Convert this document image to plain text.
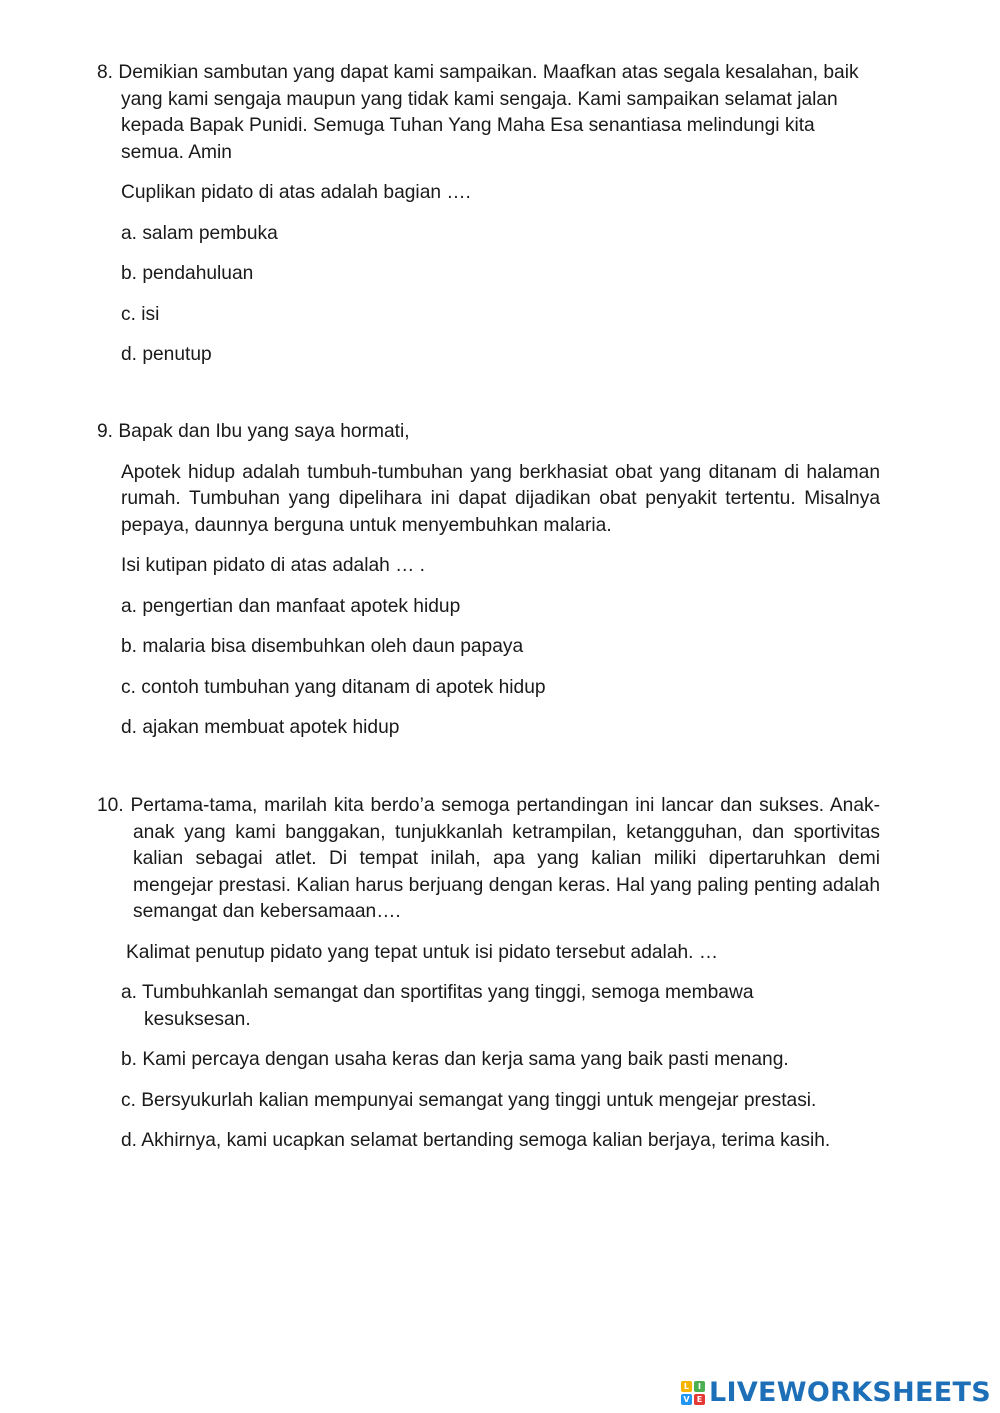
8. Demikian sambutan yang dapat kami sampaikan. Maafkan atas segala kesalahan, baik yang kami sengaja maupun yang tidak kami sengaja. Kami sampaikan selamat jalan kepada Bapak Punidi. Semuga Tuhan Yang Maha Esa senantiasa melindungi kita semua. Amin

Cuplikan pidato di atas adalah bagian ….

a. salam pembuka

b. pendahuluan

c. isi

d. penutup

9. Bapak dan Ibu yang saya hormati,

Apotek hidup adalah tumbuh-tumbuhan yang berkhasiat obat yang ditanam di halaman rumah. Tumbuhan yang dipelihara ini dapat dijadikan obat penyakit tertentu. Misalnya pepaya, daunnya berguna untuk menyembuhkan malaria.

Isi kutipan pidato di atas adalah … .

a. pengertian dan manfaat apotek hidup

b. malaria bisa disembuhkan oleh daun papaya

c. contoh tumbuhan yang ditanam di apotek hidup

d. ajakan membuat apotek hidup

10. Pertama-tama, marilah kita berdo’a semoga pertandingan ini lancar dan sukses. Anak-anak yang kami banggakan, tunjukkanlah ketrampilan, ketangguhan, dan sportivitas kalian sebagai atlet. Di tempat inilah, apa yang kalian miliki dipertaruhkan demi mengejar prestasi. Kalian harus berjuang dengan keras. Hal yang paling penting adalah semangat dan kebersamaan….

Kalimat penutup pidato yang tepat untuk isi pidato tersebut adalah. …

a. Tumbuhkanlah semangat dan sportifitas yang tinggi, semoga membawa kesuksesan.

b. Kami percaya dengan usaha keras dan kerja sama yang baik pasti menang.

c. Bersyukurlah kalian mempunyai semangat yang tinggi untuk mengejar prestasi.

d. Akhirnya, kami ucapkan selamat bertanding semoga kalian berjaya, terima kasih.

L	I
V E LIVEWORKSHEETS
